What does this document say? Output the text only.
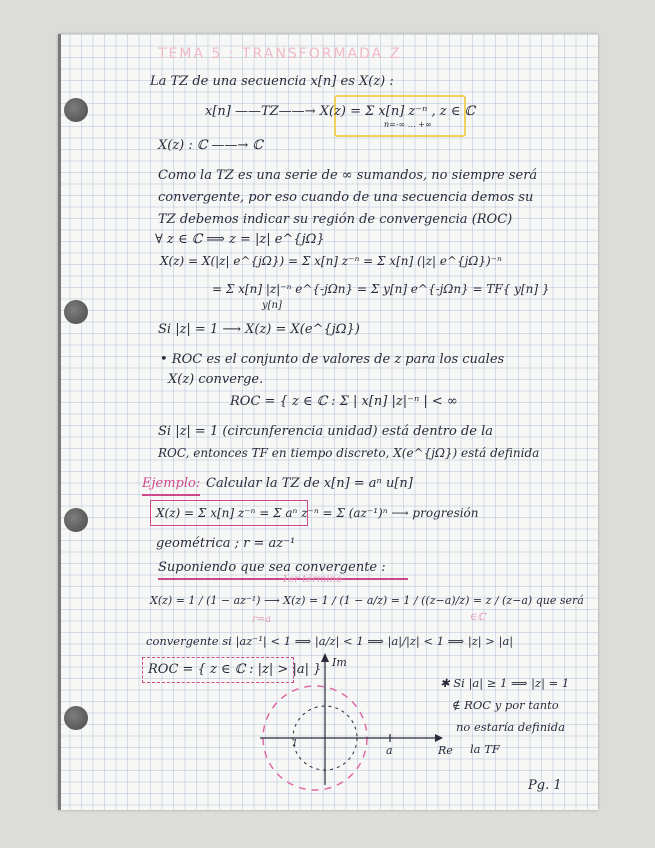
TEMA 5 : TRANSFORMADA Z
La TZ de una secuencia x[n] es X(z) :
x[n] ——TZ——→ X(z) = Σ x[n] z⁻ⁿ , z ∈ ℂ
n=-∞ … +∞
X(z) : ℂ ——→ ℂ
Como la TZ es una serie de ∞ sumandos, no siempre será
convergente, por eso cuando de una secuencia demos su
TZ debemos indicar su región de convergencia (ROC)
∀ z ∈ ℂ ⟹ z = |z| e^{jΩ}
X(z) = X(|z| e^{jΩ}) = Σ x[n] z⁻ⁿ = Σ x[n] (|z| e^{jΩ})⁻ⁿ
= Σ x[n] |z|⁻ⁿ e^{-jΩn} = Σ y[n] e^{-jΩn} = TF{ y[n] }
y[n]
Si |z| = 1 ⟶ X(z) = X(e^{jΩ})
• ROC es el conjunto de valores de z para los cuales
X(z) converge.
ROC = { z ∈ ℂ : Σ | x[n] |z|⁻ⁿ | < ∞
Si |z| = 1 (circunferencia unidad) está dentro de la
ROC, entonces TF en tiempo discreto, X(e^{jΩ}) está definida
Ejemplo: Calcular la TZ de x[n] = aⁿ u[n]
X(z) = Σ x[n] z⁻ⁿ = Σ aⁿ z⁻ⁿ = Σ (az⁻¹)ⁿ ⟶ progresión
geométrica ; r = az⁻¹
Suponiendo que sea convergente :
1er término
X(z) = 1 / (1 − az⁻¹) ⟶ X(z) = 1 / (1 − a/z) = 1 / ((z−a)/z) = z / (z−a) que será
r=a	∈ℂ
convergente si |az⁻¹| < 1 ⟹ |a/z| < 1 ⟹ |a|/|z| < 1 ⟹ |z| > |a|
ROC = { z ∈ ℂ : |z| > |a| }
✱ Si |a| ≥ 1 ⟹ |z| = 1
∉ ROC y por tanto
no estaría definida
la TF
Im
Re
a
1
Pg. 1
